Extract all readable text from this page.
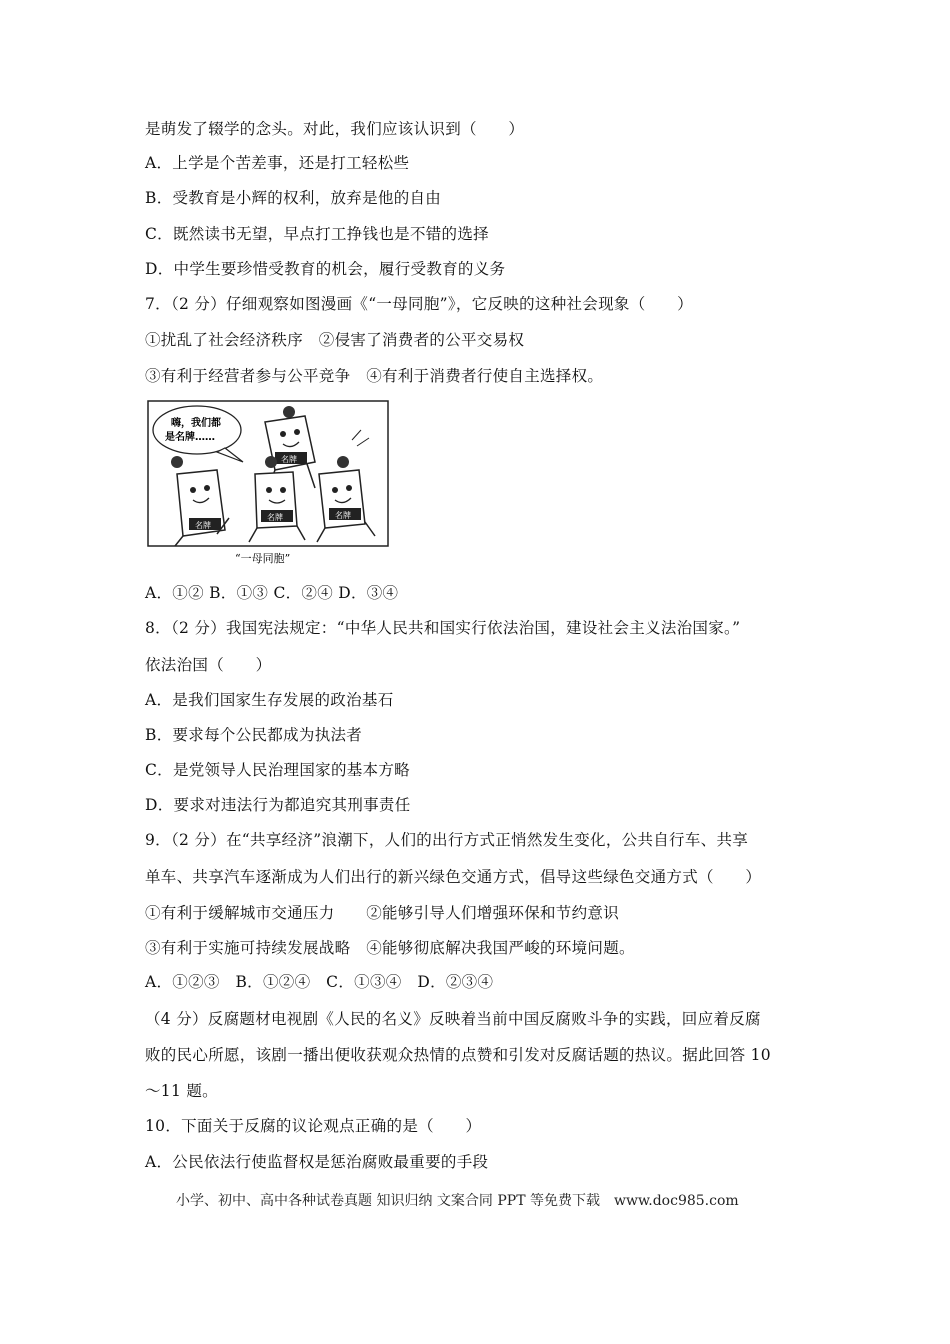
是萌发了辍学的念头。对此，我们应该认识到（　　）
A．上学是个苦差事，还是打工轻松些
B．受教育是小辉的权利，放弃是他的自由
C．既然读书无望，早点打工挣钱也是不错的选择
D．中学生要珍惜受教育的机会，履行受教育的义务
7．（2 分）仔细观察如图漫画《“一母同胞”》，它反映的这种社会现象（　　）
①扰乱了社会经济秩序　②侵害了消费者的公平交易权
③有利于经营者参与公平竞争　④有利于消费者行使自主选择权。
嗨，我们都
是名牌……
名牌
名牌
名牌	名牌
“一母同胞”
A．①② B．①③ C．②④ D．③④
8．（2 分）我国宪法规定：“中华人民共和国实行依法治国，建设社会主义法治国家。”
依法治国（　　）
A．是我们国家生存发展的政治基石
B．要求每个公民都成为执法者
C．是党领导人民治理国家的基本方略
D．要求对违法行为都追究其刑事责任
9．（2 分）在“共享经济”浪潮下，人们的出行方式正悄然发生变化，公共自行车、共享
单车、共享汽车逐渐成为人们出行的新兴绿色交通方式，倡导这些绿色交通方式（　　）
①有利于缓解城市交通压力　　②能够引导人们增强环保和节约意识
③有利于实施可持续发展战略　④能够彻底解决我国严峻的环境问题。
A．①②③　B．①②④　C．①③④　D．②③④
（4 分）反腐题材电视剧《人民的名义》反映着当前中国反腐败斗争的实践，回应着反腐
败的民心所愿，该剧一播出便收获观众热情的点赞和引发对反腐话题的热议。据此回答 10
～11 题。
10．下面关于反腐的议论观点正确的是（　　）
A．公民依法行使监督权是惩治腐败最重要的手段
小学、初中、高中各种试卷真题 知识归纳 文案合同 PPT 等免费下载　www.doc985.com
